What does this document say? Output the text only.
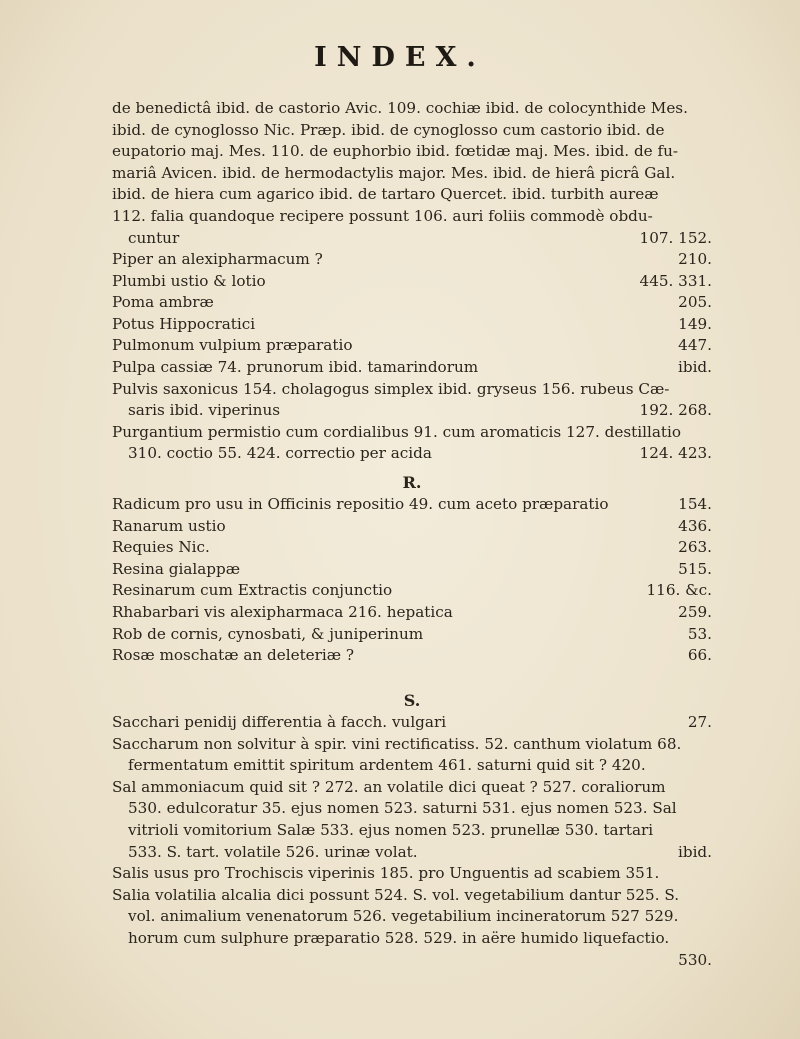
INDEX.
de benedictâ ibid. de castorio Avic. 109. cochiæ ibid. de colocynthide Mes.
ibid. de cynoglosso Nic. Præp. ibid. de cynoglosso cum castorio ibid. de
eupatorio maj. Mes. 110. de euphorbio ibid. fœtidæ maj. Mes. ibid. de fu-
mariâ Avicen. ibid. de hermodactylis major. Mes. ibid. de hierâ picrâ Gal.
ibid. de hiera cum agarico ibid. de tartaro Quercet. ibid. turbith aureæ
112. falia quandoque recipere possunt 106. auri foliis commodè obdu-
cuntur	107. 152.
Piper an alexipharmacum ?	210.
Plumbi ustio & lotio	445. 331.
Poma ambræ	205.
Potus Hippocratici	149.
Pulmonum vulpium præparatio	447.
Pulpa cassiæ 74. prunorum ibid. tamarindorum	ibid.
Pulvis saxonicus 154. cholagogus simplex ibid. gryseus 156. rubeus Cæ-
saris ibid. viperinus	192. 268.
Purgantium permistio cum cordialibus 91. cum aromaticis 127. destillatio
310. coctio 55. 424. correctio per acida	124. 423.
R.
Radicum pro usu in Officinis repositio 49. cum aceto præparatio	154.
Ranarum ustio	436.
Requies Nic.	263.
Resina gialappæ	515.
Resinarum cum Extractis conjunctio	116. &c.
Rhabarbari vis alexipharmaca 216. hepatica	259.
Rob de cornis, cynosbati, & juniperinum	53.
Rosæ moschatæ an deleteriæ ?	66.
S.
Sacchari penidij differentia à facch. vulgari	27.
Saccharum non solvitur à spir. vini rectificatiss. 52. canthum violatum 68.
fermentatum emittit spiritum ardentem 461. saturni quid sit ? 420.
Sal ammoniacum quid sit ? 272. an volatile dici queat ? 527. coraliorum
530. edulcoratur 35. ejus nomen 523. saturni 531. ejus nomen 523. Sal
vitrioli vomitorium Salæ 533. ejus nomen 523. prunellæ 530. tartari
533. S. tart. volatile 526. urinæ volat.	ibid.
Salis usus pro Trochiscis viperinis 185. pro Unguentis ad scabiem 351.
Salia volatilia alcalia dici possunt 524. S. vol. vegetabilium dantur 525. S.
vol. animalium venenatorum 526. vegetabilium incineratorum 527 529.
horum cum sulphure præparatio 528. 529. in aëre humido liquefactio.
530.
